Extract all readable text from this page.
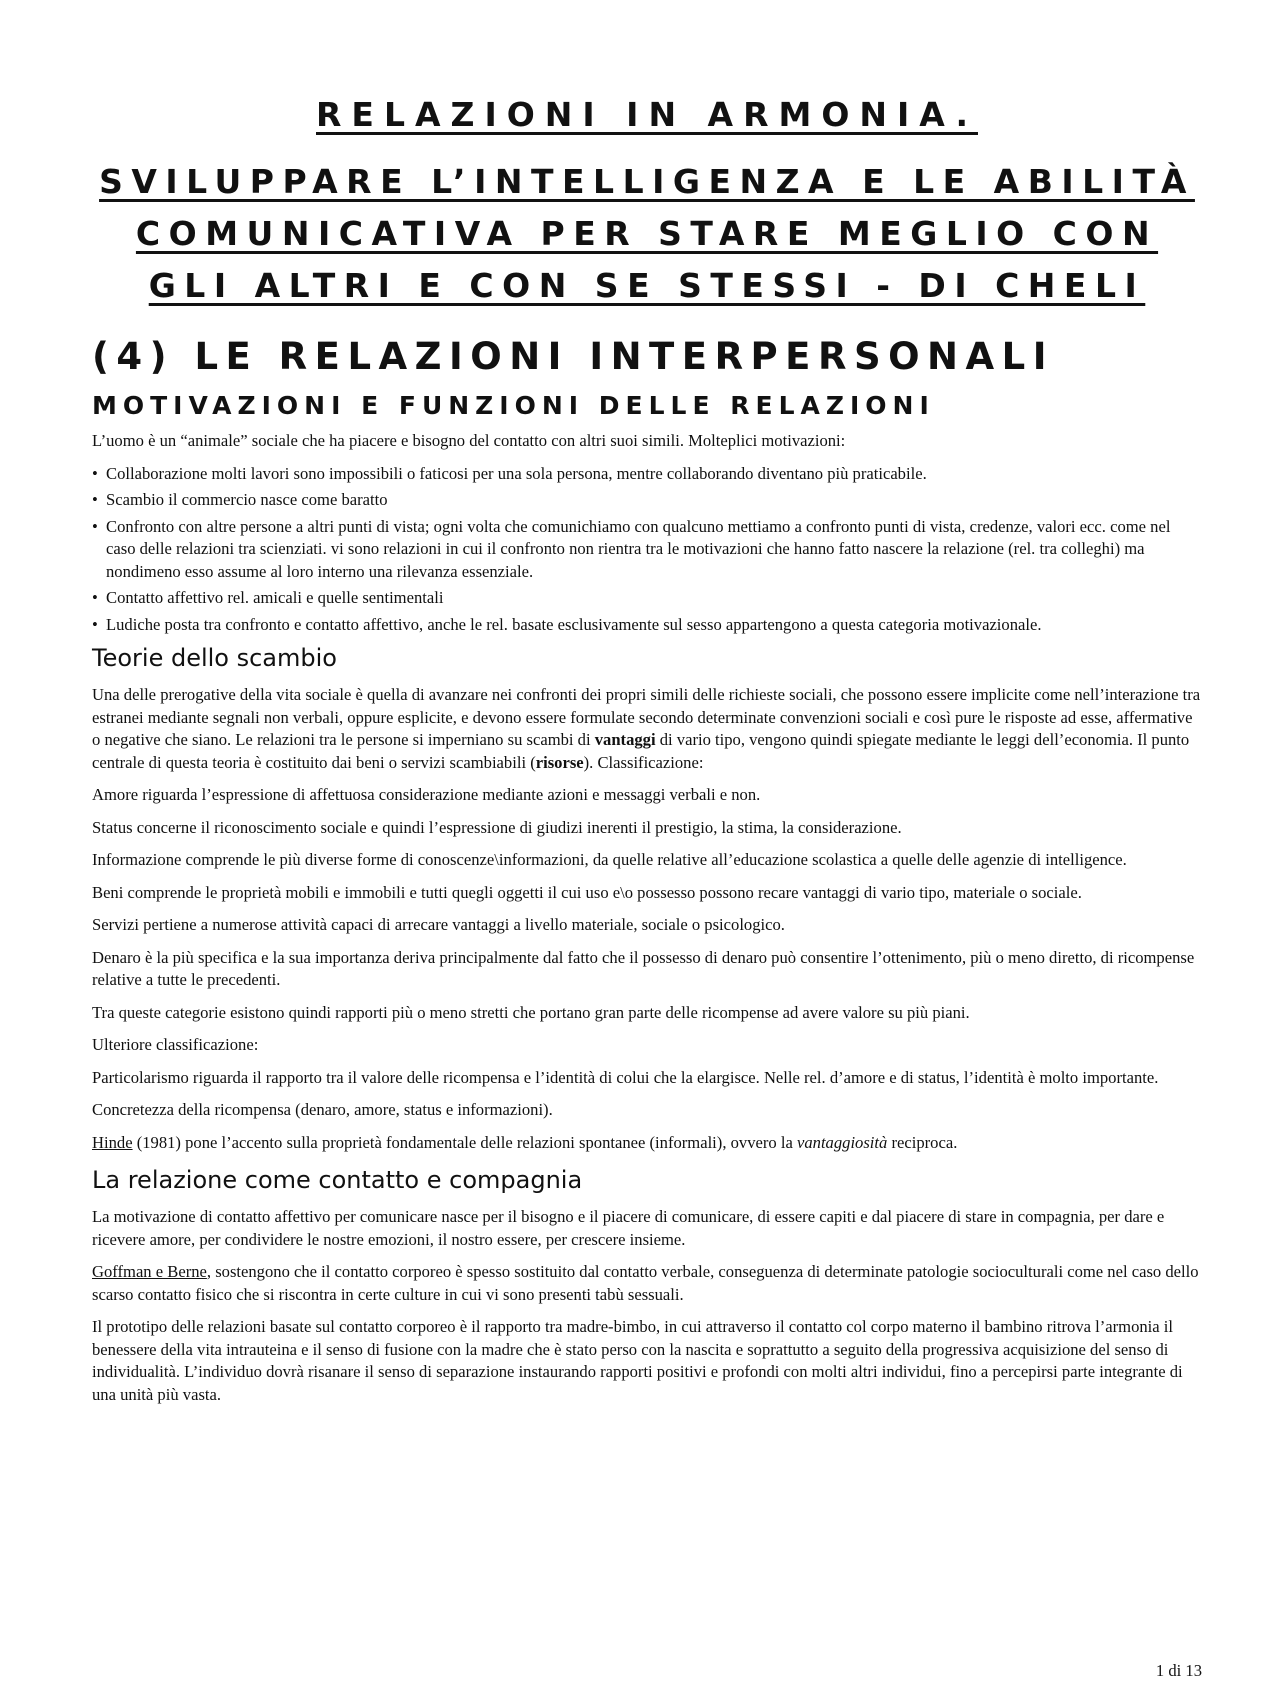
RELAZIONI IN ARMONIA.
SVILUPPARE L’INTELLIGENZA E LE ABILITÀ
COMUNICATIVA PER STARE MEGLIO CON
GLI ALTRI E CON SE STESSI - DI CHELI
(4) LE RELAZIONI INTERPERSONALI
MOTIVAZIONI E FUNZIONI DELLE RELAZIONI

L’uomo è un “animale” sociale che ha piacere e bisogno del contatto con altri suoi simili. Molteplici motivazioni:

• Collaborazione molti lavori sono impossibili o faticosi per una sola persona, mentre collaborando diventano più praticabile.
• Scambio il commercio nasce come baratto
• Confronto con altre persone a altri punti di vista; ogni volta che comunichiamo con qualcuno mettiamo a confronto punti di vista, credenze, valori ecc. come nel caso delle relazioni tra scienziati. vi sono relazioni in cui il confronto non rientra tra le motivazioni che hanno fatto nascere la relazione (rel. tra colleghi) ma nondimeno esso assume al loro interno una rilevanza essenziale.
• Contatto affettivo rel. amicali e quelle sentimentali
• Ludiche posta tra confronto e contatto affettivo, anche le rel. basate esclusivamente sul sesso appartengono a questa categoria motivazionale.
Teorie dello scambio

Una delle prerogative della vita sociale è quella di avanzare nei confronti dei propri simili delle richieste sociali, che possono essere implicite come nell’interazione tra estranei mediante segnali non verbali, oppure esplicite, e devono essere formulate secondo determinate convenzioni sociali e così pure le risposte ad esse, affermative o negative che siano. Le relazioni tra le persone si imperniano su scambi di vantaggi di vario tipo, vengono quindi spiegate mediante le leggi dell’economia. Il punto centrale di questa teoria è costituito dai beni o servizi scambiabili (risorse). Classificazione:

Amore riguarda l’espressione di affettuosa considerazione mediante azioni e messaggi verbali e non.

Status concerne il riconoscimento sociale e quindi l’espressione di giudizi inerenti il prestigio, la stima, la considerazione.

Informazione comprende le più diverse forme di conoscenze\informazioni, da quelle relative all’educazione scolastica a quelle delle agenzie di intelligence.

Beni comprende le proprietà mobili e immobili e tutti quegli oggetti il cui uso e\o possesso possono recare vantaggi di vario tipo, materiale o sociale.

Servizi pertiene a numerose attività capaci di arrecare vantaggi a livello materiale, sociale o psicologico.

Denaro è la più specifica e la sua importanza deriva principalmente dal fatto che il possesso di denaro può consentire l’ottenimento, più o meno diretto, di ricompense relative a tutte le precedenti.

Tra queste categorie esistono quindi rapporti più o meno stretti che portano gran parte delle ricompense ad avere valore su più piani.

Ulteriore classificazione:

Particolarismo riguarda il rapporto tra il valore delle ricompensa e l’identità di colui che la elargisce. Nelle rel. d’amore e di status, l’identità è molto importante.

Concretezza della ricompensa (denaro, amore, status e informazioni).

Hinde (1981) pone l’accento sulla proprietà fondamentale delle relazioni spontanee (informali), ovvero la vantaggiosità reciproca.

La relazione come contatto e compagnia

La motivazione di contatto affettivo per comunicare nasce per il bisogno e il piacere di comunicare, di essere capiti e dal piacere di stare in compagnia, per dare e ricevere amore, per condividere le nostre emozioni, il nostro essere, per crescere insieme.

Goffman e Berne, sostengono che il contatto corporeo è spesso sostituito dal contatto verbale, conseguenza di determinate patologie socioculturali come nel caso dello scarso contatto fisico che si riscontra in certe culture in cui vi sono presenti tabù sessuali.

Il prototipo delle relazioni basate sul contatto corporeo è il rapporto tra madre-bimbo, in cui attraverso il contatto col corpo materno il bambino ritrova l’armonia il benessere della vita intrauteina e il senso di fusione con la madre che è stato perso con la nascita e soprattutto a seguito della progressiva acquisizione del senso di individualità. L’individuo dovrà risanare il senso di separazione instaurando rapporti positivi e profondi con molti altri individui, fino a percepirsi parte integrante di una unità più vasta.

1 di 13
